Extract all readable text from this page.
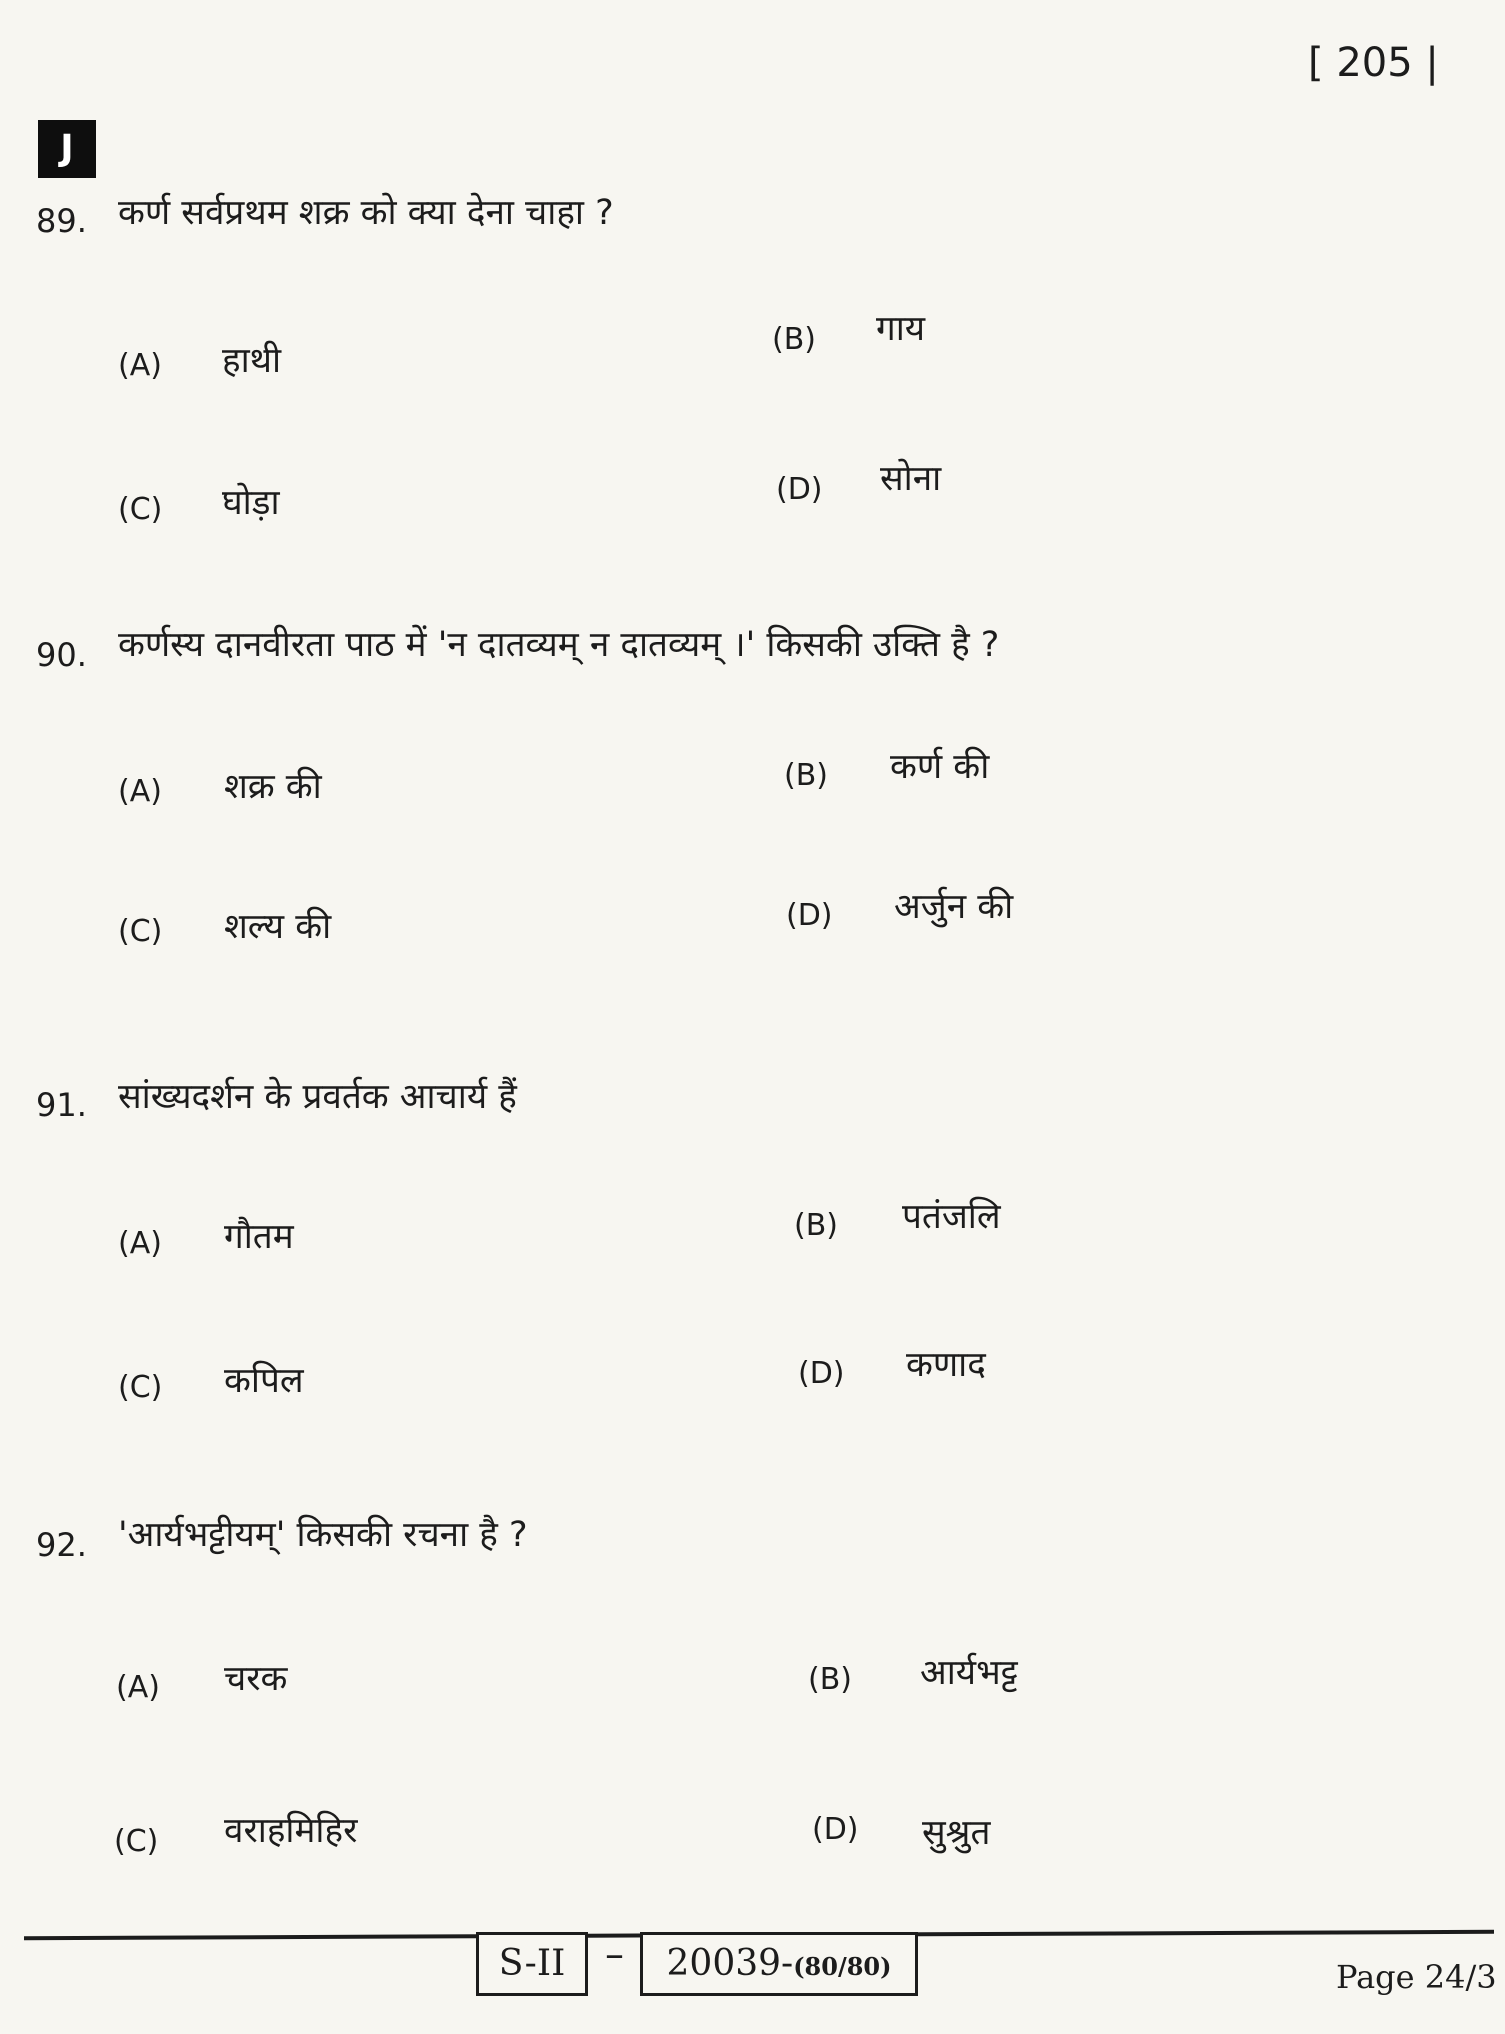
[ 205 |
J
89. कर्ण सर्वप्रथम शक्र को क्या देना चाहा ?
(A) हाथी
(B) गाय
(C) घोड़ा	(D) सोना
90. कर्णस्य दानवीरता पाठ में 'न दातव्यम् न दातव्यम् ।' किसकी उक्ति है ?
(A) शक्र की	(B) कर्ण की
(C) शल्य की	(D) अर्जुन की
91. सांख्यदर्शन के प्रवर्तक आचार्य हैं
(A) गौतम	(B) पतंजलि
(C) कपिल	(D) कणाद
92. 'आर्यभट्टीयम्' किसकी रचना है ?
(A) चरक	(B) आर्यभट्ट
(C) वराहमिहिर	(D) सुश्रुत
S-II	–	20039-(80/80)	Page 24/3
